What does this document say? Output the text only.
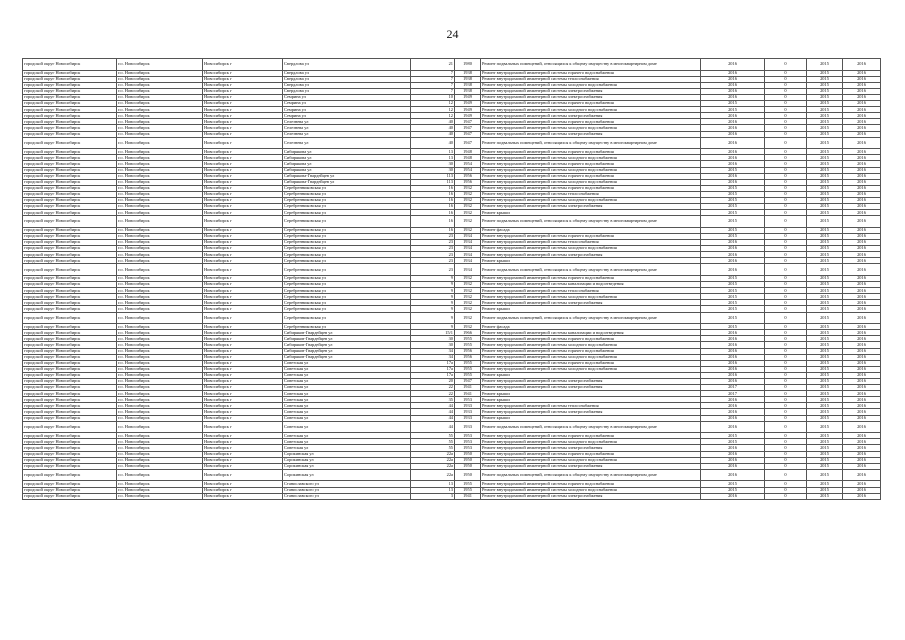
24
городской округ Новосибирск	г.о. Новосибирск	Новосибирск г	Свердлова ул	21	1980	Ремонт подвальных помещений, относящихся к общему имуществу в многоквартирном доме	2016	0	2015	2016
городской округ Новосибирск	г.о. Новосибирск	Новосибирск г	Свердлова ул	7	1938	Ремонт внутридомовой инженерной системы горячего водоснабжения	2016	0	2015	2016
городской округ Новосибирск	г.о. Новосибирск	Новосибирск г	Свердлова ул	7	1938	Ремонт внутридомовой инженерной системы теплоснабжения	2016	0	2015	2016
городской округ Новосибирск	г.о. Новосибирск	Новосибирск г	Свердлова ул	7	1938	Ремонт внутридомовой инженерной системы холодного водоснабжения	2016	0	2015	2016
городской округ Новосибирск	г.о. Новосибирск	Новосибирск г	Свердлова ул	7	1938	Ремонт внутридомовой инженерной системы электроснабжения	2016	0	2015	2016
городской округ Новосибирск	г.о. Новосибирск	Новосибирск г	Семрина ул	10	1949	Ремонт внутридомовой инженерной системы электроснабжения	2016	0	2015	2016
городской округ Новосибирск	г.о. Новосибирск	Новосибирск г	Семрина ул	12	1949	Ремонт внутридомовой инженерной системы горячего водоснабжения	2015	0	2015	2016
городской округ Новосибирск	г.о. Новосибирск	Новосибирск г	Семрина ул	12	1949	Ремонт внутридомовой инженерной системы холодного водоснабжения	2015	0	2015	2016
городской округ Новосибирск	г.о. Новосибирск	Новосибирск г	Семрина ул	12	1949	Ремонт внутридомовой инженерной системы электроснабжения	2016	0	2015	2016
городской округ Новосибирск	г.о. Новосибирск	Новосибирск г	Селезнева ул	40	1947	Ремонт внутридомовой инженерной системы горячего водоснабжения	2016	0	2015	2016
городской округ Новосибирск	г.о. Новосибирск	Новосибирск г	Селезнева ул	40	1947	Ремонт внутридомовой инженерной системы холодного водоснабжения	2016	0	2015	2016
городской округ Новосибирск	г.о. Новосибирск	Новосибирск г	Селезнева ул	40	1947	Ремонт внутридомовой инженерной системы электроснабжения	2016	0	2015	2016
городской округ Новосибирск	г.о. Новосибирск	Новосибирск г	Селезнева ул	40	1947	Ремонт подвальных помещений, относящихся к общему имуществу в многоквартирном доме	2016	0	2015	2016
городской округ Новосибирск	г.о. Новосибирск	Новосибирск г	Сибирякова ул	13	1948	Ремонт внутридомовой инженерной системы горячего водоснабжения	2016	0	2015	2016
городской округ Новосибирск	г.о. Новосибирск	Новосибирск г	Сибирякова ул	13	1948	Ремонт внутридомовой инженерной системы холодного водоснабжения	2016	0	2015	2016
городской округ Новосибирск	г.о. Новосибирск	Новосибирск г	Сибирякова ул	30	1954	Ремонт внутридомовой инженерной системы горячего водоснабжения	2016	0	2015	2016
городской округ Новосибирск	г.о. Новосибирск	Новосибирск г	Сибирякова ул	30	1954	Ремонт внутридомовой инженерной системы холодного водоснабжения	2015	0	2015	2016
городской округ Новосибирск	г.о. Новосибирск	Новосибирск г	Сибирякова-Гвардейцев ул	113	1956	Ремонт внутридомовой инженерной системы горячего водоснабжения	2016	0	2015	2016
городской округ Новосибирск	г.о. Новосибирск	Новосибирск г	Сибирякова-Гвардейцев ул	113	1956	Ремонт внутридомовой инженерной системы холодного водоснабжения	2016	0	2015	2016
городской округ Новосибирск	г.о. Новосибирск	Новосибирск г	Серебренниковская ул	16	1932	Ремонт внутридомовой инженерной системы горячего водоснабжения	2015	0	2015	2016
городской округ Новосибирск	г.о. Новосибирск	Новосибирск г	Серебренниковская ул	16	1932	Ремонт внутридомовой инженерной системы теплоснабжения	2015	0	2015	2016
городской округ Новосибирск	г.о. Новосибирск	Новосибирск г	Серебренниковская ул	16	1932	Ремонт внутридомовой инженерной системы холодного водоснабжения	2015	0	2015	2016
городской округ Новосибирск	г.о. Новосибирск	Новосибирск г	Серебренниковская ул	16	1932	Ремонт внутридомовой инженерной системы электроснабжения	2015	0	2015	2016
городской округ Новосибирск	г.о. Новосибирск	Новосибирск г	Серебренниковская ул	16	1932	Ремонт крыши	2015	0	2015	2016
городской округ Новосибирск	г.о. Новосибирск	Новосибирск г	Серебренниковская ул	16	1932	Ремонт подвальных помещений, относящихся к общему имуществу в многоквартирном доме	2015	0	2015	2016
городской округ Новосибирск	г.о. Новосибирск	Новосибирск г	Серебренниковская ул	16	1932	Ремонт фасада	2015	0	2015	2016
городской округ Новосибирск	г.о. Новосибирск	Новосибирск г	Серебренниковская ул	23	1934	Ремонт внутридомовой инженерной системы горячего водоснабжения	2015	0	2015	2016
городской округ Новосибирск	г.о. Новосибирск	Новосибирск г	Серебренниковская ул	23	1934	Ремонт внутридомовой инженерной системы теплоснабжения	2016	0	2015	2016
городской округ Новосибирск	г.о. Новосибирск	Новосибирск г	Серебренниковская ул	23	1934	Ремонт внутридомовой инженерной системы холодного водоснабжения	2016	0	2015	2016
городской округ Новосибирск	г.о. Новосибирск	Новосибирск г	Серебренниковская ул	23	1934	Ремонт внутридомовой инженерной системы электроснабжения	2016	0	2015	2016
городской округ Новосибирск	г.о. Новосибирск	Новосибирск г	Серебренниковская ул	23	1934	Ремонт крыши	2016	0	2015	2016
городской округ Новосибирск	г.о. Новосибирск	Новосибирск г	Серебренниковская ул	23	1934	Ремонт подвальных помещений, относящихся к общему имуществу в многоквартирном доме	2016	0	2015	2016
городской округ Новосибирск	г.о. Новосибирск	Новосибирск г	Серебренниковская ул	9	1932	Ремонт внутридомовой инженерной системы горячего водоснабжения	2015	0	2015	2016
городской округ Новосибирск	г.о. Новосибирск	Новосибирск г	Серебренниковская ул	9	1932	Ремонт внутридомовой инженерной системы канализации и водоотведения	2015	0	2015	2016
городской округ Новосибирск	г.о. Новосибирск	Новосибирск г	Серебренниковская ул	9	1932	Ремонт внутридомовой инженерной системы теплоснабжения	2015	0	2015	2016
городской округ Новосибирск	г.о. Новосибирск	Новосибирск г	Серебренниковская ул	9	1932	Ремонт внутридомовой инженерной системы холодного водоснабжения	2015	0	2015	2016
городской округ Новосибирск	г.о. Новосибирск	Новосибирск г	Серебренниковская ул	9	1932	Ремонт внутридомовой инженерной системы электроснабжения	2015	0	2015	2016
городской округ Новосибирск	г.о. Новосибирск	Новосибирск г	Серебренниковская ул	9	1932	Ремонт крыши	2015	0	2015	2016
городской округ Новосибирск	г.о. Новосибирск	Новосибирск г	Серебренниковская ул	9	1932	Ремонт подвальных помещений, относящихся к общему имуществу в многоквартирном доме	2015	0	2015	2016
городской округ Новосибирск	г.о. Новосибирск	Новосибирск г	Серебренниковская ул	9	1932	Ремонт фасада	2015	0	2015	2016
городской округ Новосибирск	г.о. Новосибирск	Новосибирск г	Сибиряков-Гвардейцев ул	15/1	1966	Ремонт внутридомовой инженерной системы канализации и водоотведения	2016	0	2015	2016
городской округ Новосибирск	г.о. Новосибирск	Новосибирск г	Сибиряков-Гвардейцев ул	30	1955	Ремонт внутридомовой инженерной системы горячего водоснабжения	2016	0	2015	2016
городской округ Новосибирск	г.о. Новосибирск	Новосибирск г	Сибиряков-Гвардейцев ул	30	1955	Ремонт внутридомовой инженерной системы холодного водоснабжения	2016	0	2015	2016
городской округ Новосибирск	г.о. Новосибирск	Новосибирск г	Сибиряков-Гвардейцев ул	34	1956	Ремонт внутридомовой инженерной системы горячего водоснабжения	2016	0	2015	2016
городской округ Новосибирск	г.о. Новосибирск	Новосибирск г	Сибиряков-Гвардейцев ул	34	1956	Ремонт внутридомовой инженерной системы холодного водоснабжения	2016	0	2015	2016
городской округ Новосибирск	г.о. Новосибирск	Новосибирск г	Советская ул	17а	1955	Ремонт внутридомовой инженерной системы горячего водоснабжения	2016	0	2015	2016
городской округ Новосибирск	г.о. Новосибирск	Новосибирск г	Советская ул	17а	1955	Ремонт внутридомовой инженерной системы холодного водоснабжения	2016	0	2015	2016
городской округ Новосибирск	г.о. Новосибирск	Новосибирск г	Советская ул	17а	1955	Ремонт крыши	2016	0	2015	2016
городской округ Новосибирск	г.о. Новосибирск	Новосибирск г	Советская ул	20	1947	Ремонт внутридомовой инженерной системы электроснабжения	2016	0	2015	2016
городской округ Новосибирск	г.о. Новосибирск	Новосибирск г	Советская ул	22	1941	Ремонт внутридомовой инженерной системы электроснабжения	2017	0	2015	2016
городской округ Новосибирск	г.о. Новосибирск	Новосибирск г	Советская ул	22	1941	Ремонт крыши	2017	0	2015	2016
городской округ Новосибирск	г.о. Новосибирск	Новосибирск г	Советская ул	35	1953	Ремонт крыши	2016	0	2015	2016
городской округ Новосибирск	г.о. Новосибирск	Новосибирск г	Советская ул	44	1933	Ремонт внутридомовой инженерной системы теплоснабжения	2016	0	2015	2016
городской округ Новосибирск	г.о. Новосибирск	Новосибирск г	Советская ул	44	1933	Ремонт внутридомовой инженерной системы электроснабжения	2016	0	2015	2016
городской округ Новосибирск	г.о. Новосибирск	Новосибирск г	Советская ул	44	1933	Ремонт крыши	2016	0	2015	2016
городской округ Новосибирск	г.о. Новосибирск	Новосибирск г	Советская ул	44	1933	Ремонт подвальных помещений, относящихся к общему имуществу в многоквартирном доме	2016	0	2015	2016
городской округ Новосибирск	г.о. Новосибирск	Новосибирск г	Советская ул	55	1953	Ремонт внутридомовой инженерной системы горячего водоснабжения	2015	0	2015	2016
городской округ Новосибирск	г.о. Новосибирск	Новосибирск г	Советская ул	55	1953	Ремонт внутридомовой инженерной системы холодного водоснабжения	2015	0	2015	2016
городской округ Новосибирск	г.о. Новосибирск	Новосибирск г	Советская ул	55	1953	Ремонт внутридомовой инженерной системы электроснабжения	2016	0	2015	2016
городской округ Новосибирск	г.о. Новосибирск	Новосибирск г	Сорокинская ул	22а	1950	Ремонт внутридомовой инженерной системы горячего водоснабжения	2016	0	2015	2016
городской округ Новосибирск	г.о. Новосибирск	Новосибирск г	Сорокинская ул	22а	1950	Ремонт внутридомовой инженерной системы холодного водоснабжения	2016	0	2015	2016
городской округ Новосибирск	г.о. Новосибирск	Новосибирск г	Сорокинская ул	22а	1950	Ремонт внутридомовой инженерной системы электроснабжения	2016	0	2015	2016
городской округ Новосибирск	г.о. Новосибирск	Новосибирск г	Сорокинская ул	22а	1950	Ремонт подвальных помещений, относящихся к общему имуществу в многоквартирном доме	2016	0	2015	2016
городской округ Новосибирск	г.о. Новосибирск	Новосибирск г	Станиславского ул	13	1955	Ремонт внутридомовой инженерной системы горячего водоснабжения	2015	0	2015	2016
городской округ Новосибирск	г.о. Новосибирск	Новосибирск г	Станиславского ул	13	1955	Ремонт внутридомовой инженерной системы холодного водоснабжения	2015	0	2015	2016
городской округ Новосибирск	г.о. Новосибирск	Новосибирск г	Станиславского ул	3	1941	Ремонт внутридомовой инженерной системы электроснабжения	2016	0	2015	2016
